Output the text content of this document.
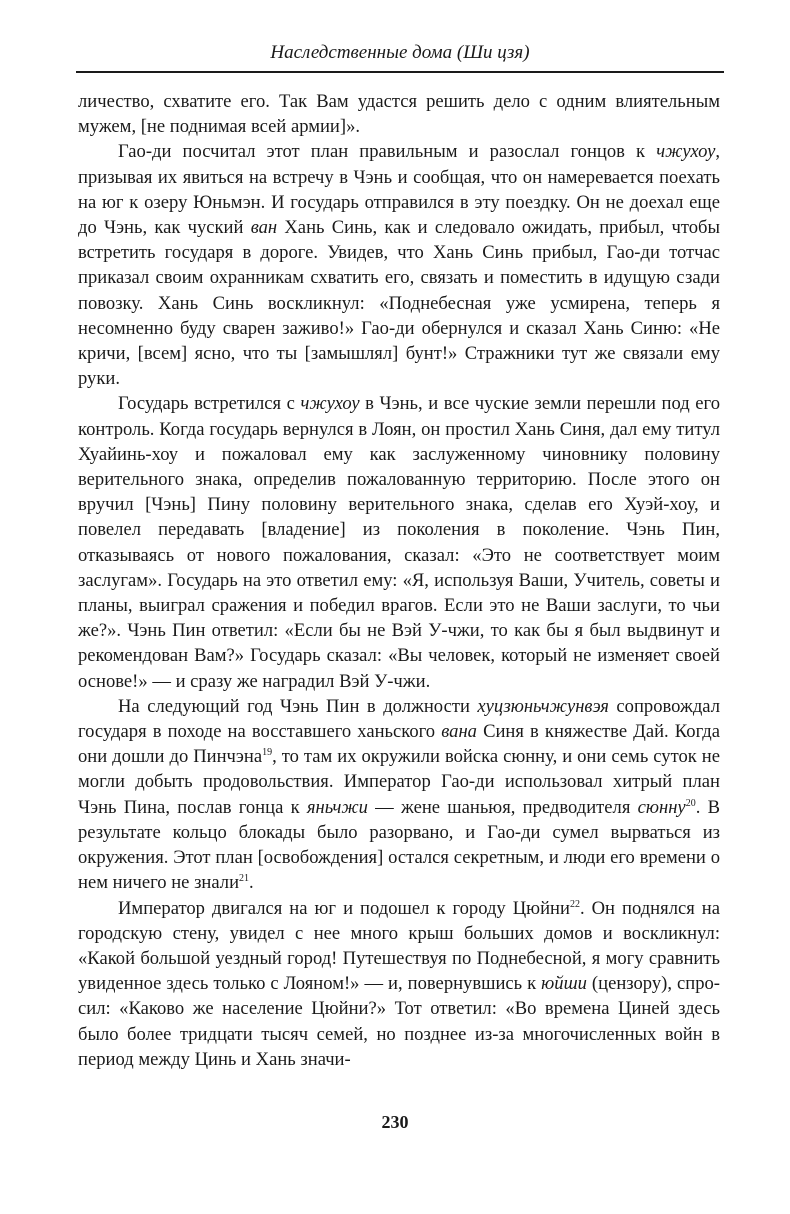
Наследственные дома (Ши цзя)

личество, схватите его. Так Вам удастся решить дело с одним влиятельным мужем, [не поднимая всей армии]».

Гао-ди посчитал этот план правильным и разослал гонцов к чжухоу, призывая их явиться на встречу в Чэнь и сообщая, что он намеревается поехать на юг к озеру Юньмэн. И государь отправился в эту поездку. Он не доехал еще до Чэнь, как чуский ван Хань Синь, как и следовало ожидать, прибыл, чтобы встретить государя в дороге. Увидев, что Хань Синь прибыл, Гао-ди тотчас приказал своим охранникам схватить его, связать и поместить в идущую сзади повозку. Хань Синь воскликнул: «Поднебесная уже усмирена, теперь я несомненно буду сварен заживо!» Гао-ди обернулся и сказал Хань Синю: «Не кричи, [всем] ясно, что ты [замышлял] бунт!» Стражники тут же связали ему руки.

Государь встретился с чжухоу в Чэнь, и все чуские земли перешли под его контроль. Когда государь вернулся в Лоян, он простил Хань Синя, дал ему титул Хуайинь-хоу и пожаловал ему как заслуженному чиновнику половину верительного знака, определив пожалованную территорию. После этого он вручил [Чэнь] Пину половину верительного знака, сделав его Хуэй-хоу, и повелел передавать [владение] из поколения в поколение. Чэнь Пин, отказываясь от нового пожалования, сказал: «Это не соответствует моим заслугам». Государь на это ответил ему: «Я, используя Ваши, Учитель, советы и планы, выиграл сражения и победил врагов. Если это не Ваши заслуги, то чьи же?». Чэнь Пин ответил: «Если бы не Вэй У-чжи, то как бы я был выдвинут и рекомендован Вам?» Государь сказал: «Вы человек, который не изменяет своей основе!» — и сразу же наградил Вэй У-чжи.

На следующий год Чэнь Пин в должности хуцзюньчжунвэя сопровождал государя в походе на восставшего ханьского вана Синя в княжестве Дай. Когда они дошли до Пинчэна$^{19}$, то там их окружили войска сюнну, и они семь суток не могли добыть продовольствия. Император Гао-ди использовал хитрый план Чэнь Пина, послав гонца к яньчжи — жене шаньюя, предводителя сюнну$^{20}$. В результате кольцо блокады было разорвано, и Гао-ди сумел вырваться из окружения. Этот план [освобождения] остался секретным, и люди его времени о нем ничего не знали$^{21}$.

Император двигался на юг и подошел к городу Цюйни$^{22}$. Он поднялся на городскую стену, увидел с нее много крыш больших домов и воскликнул: «Какой большой уездный город! Путешествуя по Поднебесной, я могу сравнить увиденное здесь только с Лояном!» — и, повернувшись к юйши (цензору), спросил: «Каково же население Цюйни?» Тот ответил: «Во времена Циней здесь было более тридцати тысяч семей, но позднее из-за многочисленных войн в период между Цинь и Хань значи-

230
